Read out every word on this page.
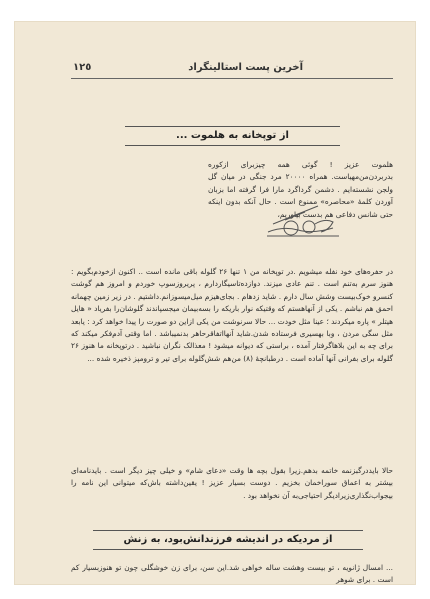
١٢٥	آخرین پست استالینگراد
از توپخانه به هلموت ...
هلموت عزیز ! گوئی همه چیزبرای ازکوره بدربردن‌من‌مهیاست. همراه ۲۰۰۰۰ مرد جنگی در میان گل ولجن نشسته‌ایم . دشمن گرداگرد مارا فرا گرفته اما بزبان آوردن کلمهٔ «محاصره» ممنوع است . حال آنکه بدون اینکه حتی شانس دفاعی هم بدست بیاوریم،
در حفره‌های خود نفله میشویم .در توپخانه من ۱ تنها ۲۶ گلوله باقی مانده است .. اکنون ازخودم‌بگویم : هنوز سرم به‌تنم است . تنم عادی میزند. دوازده‌تاسیگاردارم ، پریروزسوپ خوردم و امروز هم گوشت کنسرو خوک‌بیست وشش سال دارم . شاید زدهام . بجای‌هیزم میل‌میسوزانم.داشتیم . در زیر زمین چهمانه احمق هم نباشم . یکی از آنهاهستم که وقتیکه نوار باریکه را بسه‌بیمان میجسپاندند گلوشان‌را بفریاد « هایل هیتلر » پاره میکردند ؛ عینا مثل خودت ... حالا سرنوشت من یکی ازاین دو صورت را پیدا خواهد کرد : یابعد مثل سگی مردن ، وبا بهسیری فرستاده شدن.شاید آنهااتفاقرحاهر بدنمیباشد . اما وقتی آدم‌فکر میکند که برای چه به این بلاهاگرفتار آمده ، براستی که دیوانه میشود ! معذالک نگران نباشید . درتوپخانه ما هنوز ۲۶ گلوله برای بفرانی آنها آماده است . درطبانچهٔ (۸) من‌هم شش‌گلوله برای تیر و ترومپز ذخیره شده ...
حالا بایددرگبزنمه خاتمه بدهم.زیرا بقول بچه ها وقت «دعای شام» و خیلی چیز دیگر است . بایدنامه‌ای بیشتر به اعماق سوراخمان بخزیم . دوست بسیار عزیز ! یقین‌داشته باش‌که میتوانی این نامه را بیجواب‌نگذاری‌زیرادیگر احتیاجی‌به آن نخواهد بود .
از مردیکه در اندیشه فرزندانش‌بود، به زنش
... امسال ژانویه ، تو بیست وهشت ساله خواهی شد.این سن، برای زن خوشگلی چون تو هنوزبسیار کم است . برای شوهر
